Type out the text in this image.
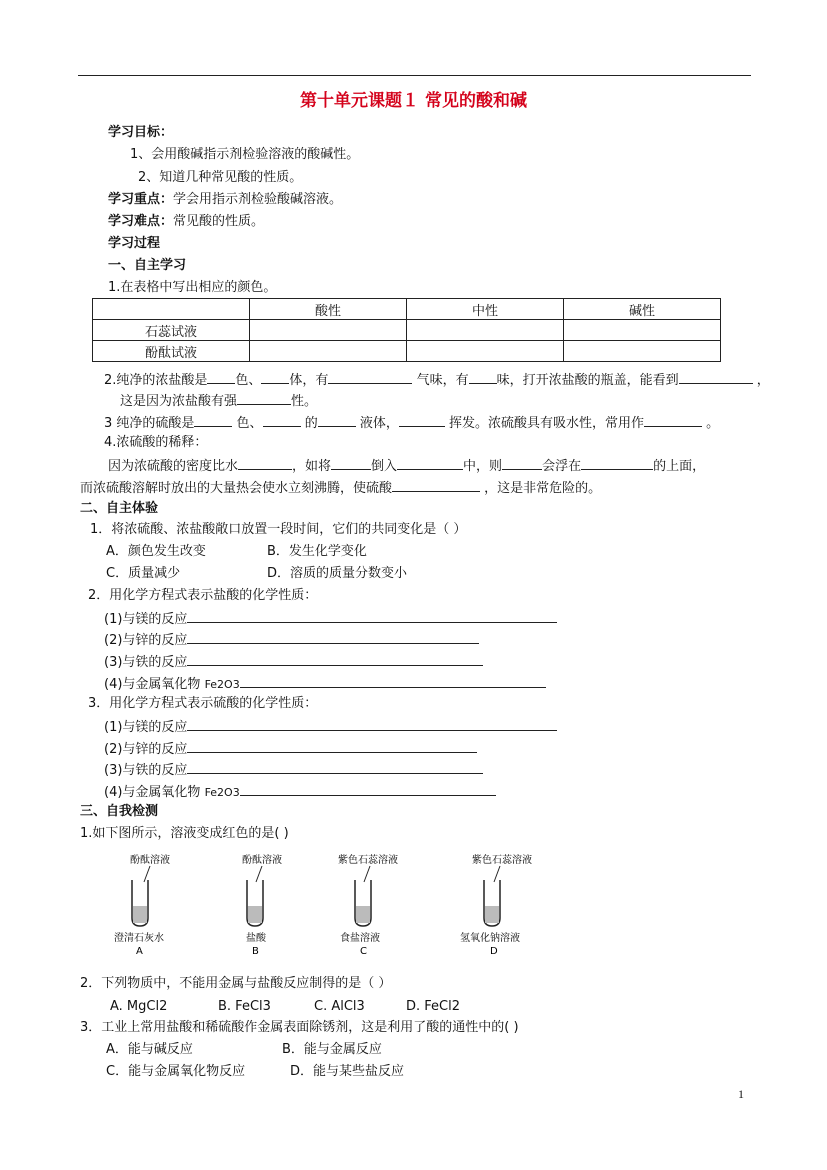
第十单元课题１ 常见的酸和碱
学习目标：
1、会用酸碱指示剂检验溶液的酸碱性。
2、知道几种常见酸的性质。
学习重点：学会用指示剂检验酸碱溶液。
学习难点：常见酸的性质。
学习过程
一、自主学习
1.在表格中写出相应的颜色。
	酸性	中性	碱性
石蕊试液			
酚酞试液			
2.纯净的浓盐酸是 色、 体，有	气味，有 味，打开浓盐酸的瓶盖，能看到	，
这是因为浓盐酸有强	性。
3 纯净的硫酸是	色、	的	液体，	挥发。浓硫酸具有吸水性，常用作	。
4.浓硫酸的稀释：
因为浓硫酸的密度比水	，如将	倒入	中，则	会浮在	的上面，
而浓硫酸溶解时放出的大量热会使水立刻沸腾，使硫酸	，这是非常危险的。
二、自主体验
1．将浓硫酸、浓盐酸敞口放置一段时间，它们的共同变化是（ ）
A．颜色发生改变	B．发生化学变化
C．质量减少	D．溶质的质量分数变小
2．用化学方程式表示盐酸的化学性质：
(1)与镁的反应
(2)与锌的反应
(3)与铁的反应
(4)与金属氧化物 Fe2O3
3．用化学方程式表示硫酸的化学性质：
(1)与镁的反应
(2)与锌的反应
(3)与铁的反应
(4)与金属氧化物 Fe2O3
三、自我检测
1.如下图所示，溶液变成红色的是( )
酚酞溶液
澄清石灰水
A
酚酞溶液
盐酸
B
紫色石蕊溶液
食盐溶液
C
紫色石蕊溶液
氢氧化钠溶液
D
2．下列物质中，不能用金属与盐酸反应制得的是（ ）
A. MgCl2	B. FeCl3	C. AlCl3	D. FeCl2
3．工业上常用盐酸和稀硫酸作金属表面除锈剂，这是利用了酸的通性中的( )
A．能与碱反应	B．能与金属反应
C．能与金属氧化物反应	D．能与某些盐反应
1
